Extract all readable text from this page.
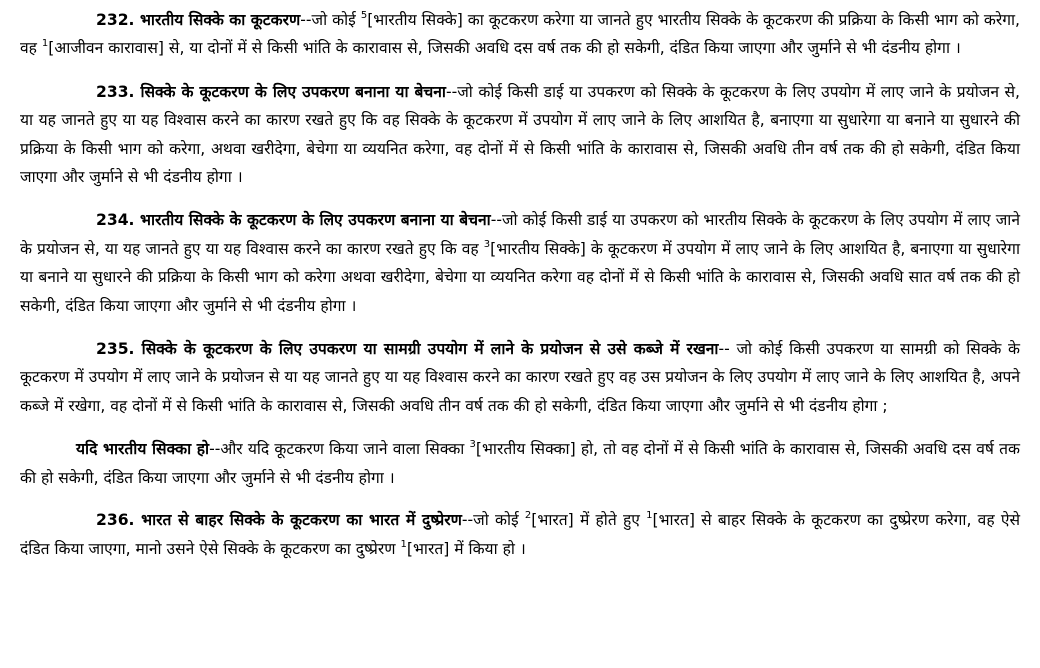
232. भारतीय सिक्के का कूटकरण--जो कोई $^5$[भारतीय सिक्के] का कूटकरण करेगा या जानते हुए भारतीय सिक्के के कूटकरण की प्रक्रिया के किसी भाग को करेगा, वह $^1$[आजीवन कारावास] से, या दोनों में से किसी भांति के कारावास से, जिसकी अवधि दस वर्ष तक की हो सकेगी, दंडित किया जाएगा और जुर्माने से भी दंडनीय होगा ।

233. सिक्के के कूटकरण के लिए उपकरण बनाना या बेचना--जो कोई किसी डाई या उपकरण को सिक्के के कूटकरण के लिए उपयोग में लाए जाने के प्रयोजन से, या यह जानते हुए या यह विश्वास करने का कारण रखते हुए कि वह सिक्के के कूटकरण में उपयोग में लाए जाने के लिए आशयित है, बनाएगा या सुधारेगा या बनाने या सुधारने की प्रक्रिया के किसी भाग को करेगा, अथवा खरीदेगा, बेचेगा या व्ययनित करेगा, वह दोनों में से किसी भांति के कारावास से, जिसकी अवधि तीन वर्ष तक की हो सकेगी, दंडित किया जाएगा और जुर्माने से भी दंडनीय होगा ।

234. भारतीय सिक्के के कूटकरण के लिए उपकरण बनाना या बेचना--जो कोई किसी डाई या उपकरण को भारतीय सिक्के के कूटकरण के लिए उपयोग में लाए जाने के प्रयोजन से, या यह जानते हुए या यह विश्वास करने का कारण रखते हुए कि वह $^3$[भारतीय सिक्के] के कूटकरण में उपयोग में लाए जाने के लिए आशयित है, बनाएगा या सुधारेगा या बनाने या सुधारने की प्रक्रिया के किसी भाग को करेगा अथवा खरीदेगा, बेचेगा या व्ययनित करेगा वह दोनों में से किसी भांति के कारावास से, जिसकी अवधि सात वर्ष तक की हो सकेगी, दंडित किया जाएगा और जुर्माने से भी दंडनीय होगा ।

235. सिक्के के कूटकरण के लिए उपकरण या सामग्री उपयोग में लाने के प्रयोजन से उसे कब्जे में रखना-- जो कोई किसी उपकरण या सामग्री को सिक्के के कूटकरण में उपयोग में लाए जाने के प्रयोजन से या यह जानते हुए या यह विश्वास करने का कारण रखते हुए वह उस प्रयोजन के लिए उपयोग में लाए जाने के लिए आशयित है, अपने कब्जे में रखेगा, वह दोनों में से किसी भांति के कारावास से, जिसकी अवधि तीन वर्ष तक की हो सकेगी, दंडित किया जाएगा और जुर्माने से भी दंडनीय होगा ;

यदि भारतीय सिक्का हो--और यदि कूटकरण किया जाने वाला सिक्का $^3$[भारतीय सिक्का] हो, तो वह दोनों में से किसी भांति के कारावास से, जिसकी अवधि दस वर्ष तक की हो सकेगी, दंडित किया जाएगा और जुर्माने से भी दंडनीय होगा ।

236. भारत से बाहर सिक्के के कूटकरण का भारत में दुष्प्रेरण--जो कोई $^2$[भारत] में होते हुए $^1$[भारत] से बाहर सिक्के के कूटकरण का दुष्प्रेरण करेगा, वह ऐसे दंडित किया जाएगा, मानो उसने ऐसे सिक्के के कूटकरण का दुष्प्रेरण $^1$[भारत] में किया हो ।
